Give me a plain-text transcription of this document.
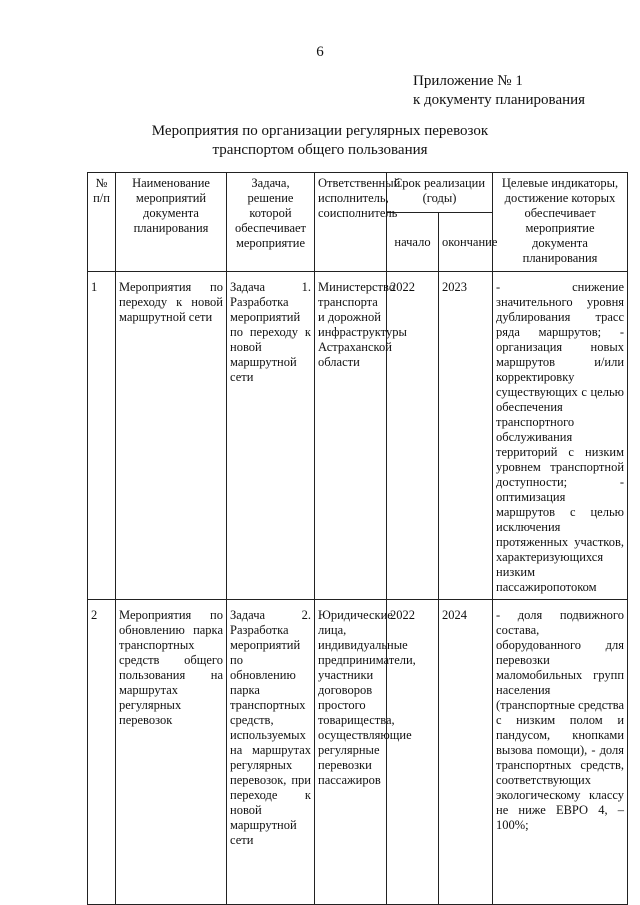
6
Приложение № 1
к документу планирования
Мероприятия по организации регулярных перевозок
транспортом общего пользования
№ п/п	Наименование мероприятий документа планирования	Задача, решение которой обеспечивает мероприятие	Ответственный исполнитель, соисполнитель	Срок реализации (годы)		Целевые индикаторы, достижение которых обеспечивает мероприятие документа планирования
				начало	окончание	
1	Мероприятия по переходу к новой маршрутной сети	Задача 1. Разработка мероприятий по переходу к новой маршрутной сети	Министерство транспорта и дорожной инфраструктуры Астраханской области	2022	2023	- снижение значительного уровня дублирования трасс ряда маршрутов; - организация новых маршрутов и/или корректировку существующих с целью обеспечения транспортного обслуживания территорий с низким уровнем транспортной доступности; - оптимизация маршрутов с целью исключения протяженных участков, характеризующихся низким пассажиропотоком
2	Мероприятия по обновлению парка транспортных средств общего пользования на маршрутах регулярных перевозок	Задача 2. Разработка мероприятий по обновлению парка транспортных средств, используемых на маршрутах регулярных перевозок, при переходе к новой маршрутной сети	Юридические лица, индивидуальные предприниматели, участники договоров простого товарищества, осуществляющие регулярные перевозки пассажиров	2022	2024	- доля подвижного состава, оборудованного для перевозки маломобильных групп населения (транспортные средства с низким полом и пандусом, кнопками вызова помощи), - доля транспортных средств, соответствующих экологическому классу не ниже ЕВРО 4, – 100%;
